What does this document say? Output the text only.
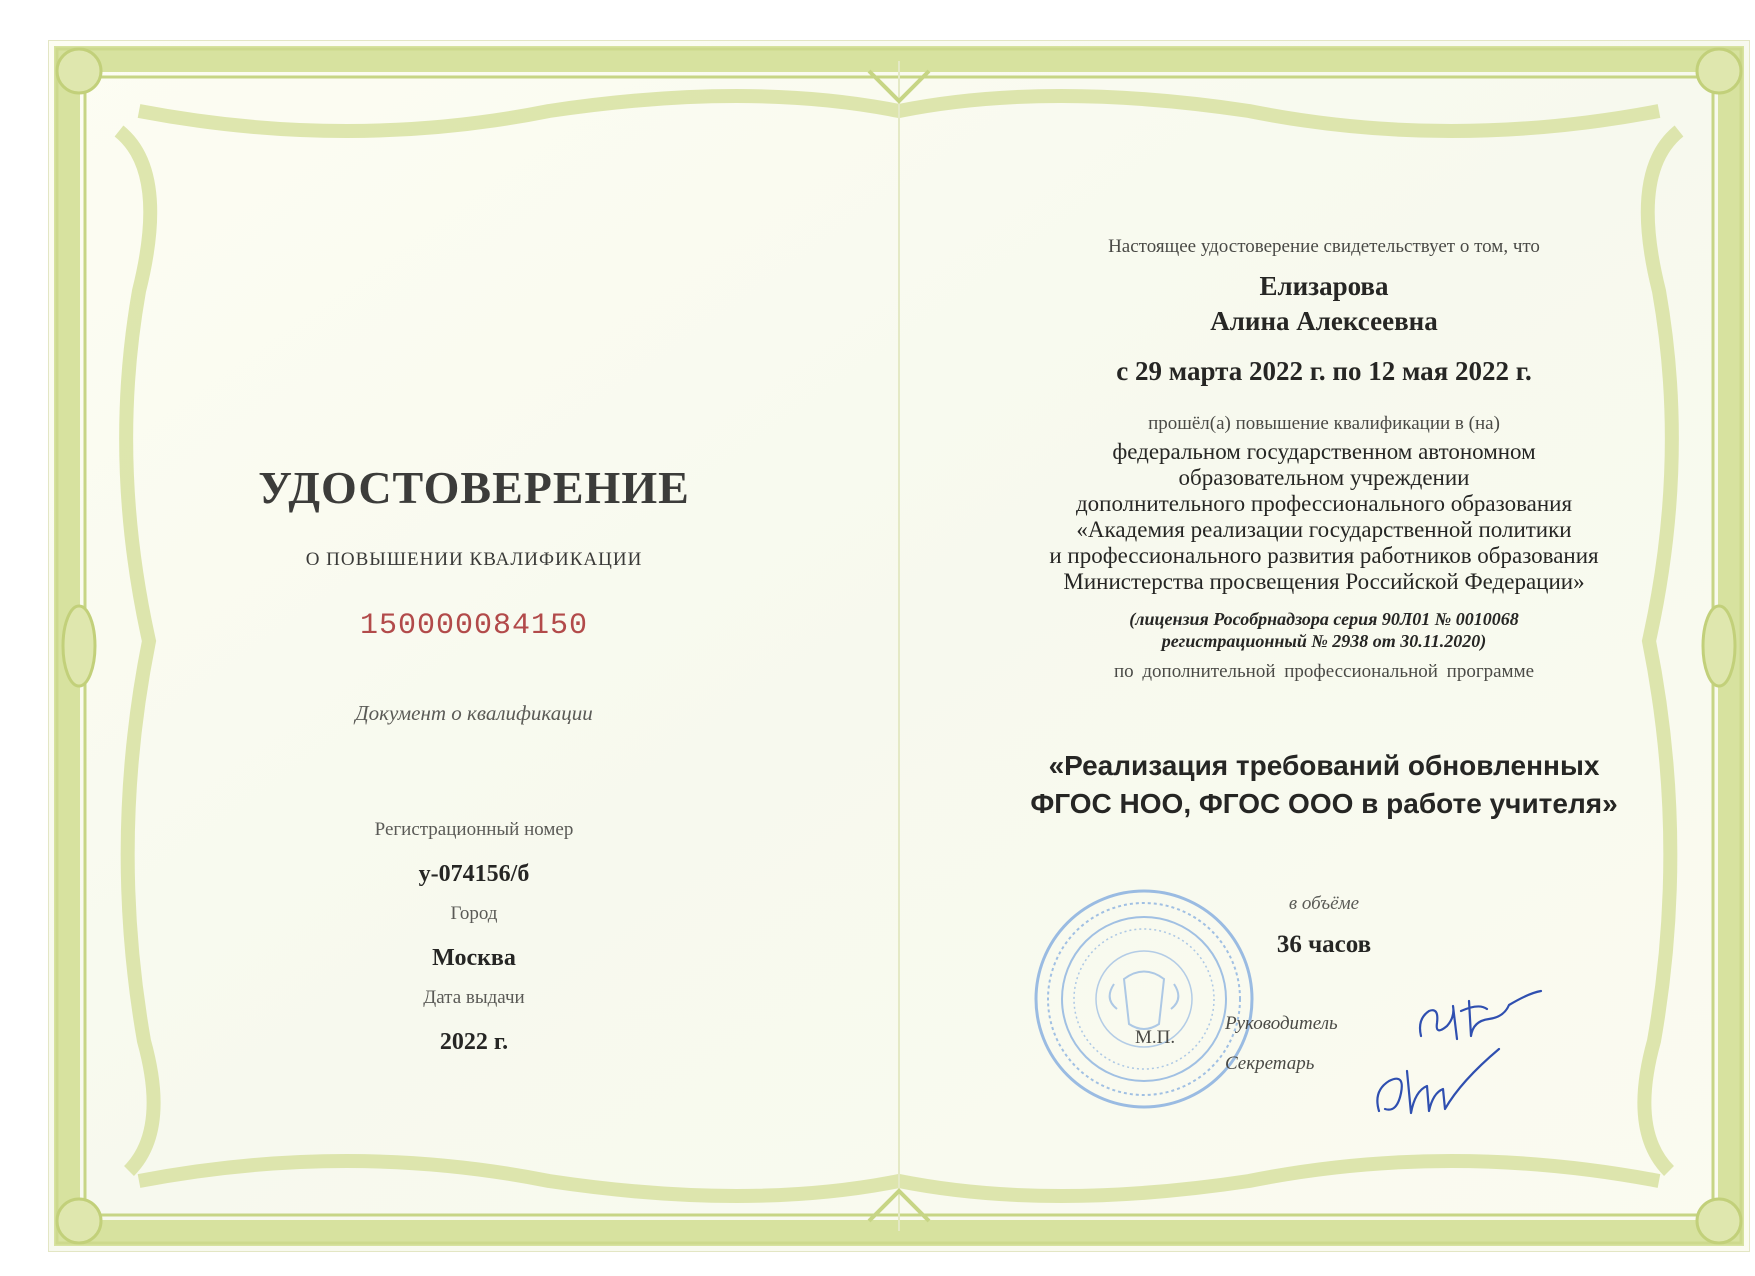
УДОСТОВЕРЕНИЕ
О ПОВЫШЕНИИ КВАЛИФИКАЦИИ
150000084150
Документ о квалификации
Регистрационный номер
у-074156/б
Город
Москва
Дата выдачи
2022 г.
Настоящее удостоверение свидетельствует о том, что
Елизарова
Алина Алексеевна
с 29 марта 2022 г. по 12 мая 2022 г.
прошёл(а) повышение квалификации в (на)
федеральном государственном автономном
образовательном учреждении
дополнительного профессионального образования
«Академия реализации государственной политики
и профессионального развития работников образования
Министерства просвещения Российской Федерации»
(лицензия Рособрнадзора серия 90Л01 № 0010068
регистрационный № 2938 от 30.11.2020)
по дополнительной профессиональной программе
«Реализация требований обновленных
ФГОС НОО, ФГОС ООО в работе учителя»
в объёме
36 часов
М.П.
Руководитель
Секретарь
